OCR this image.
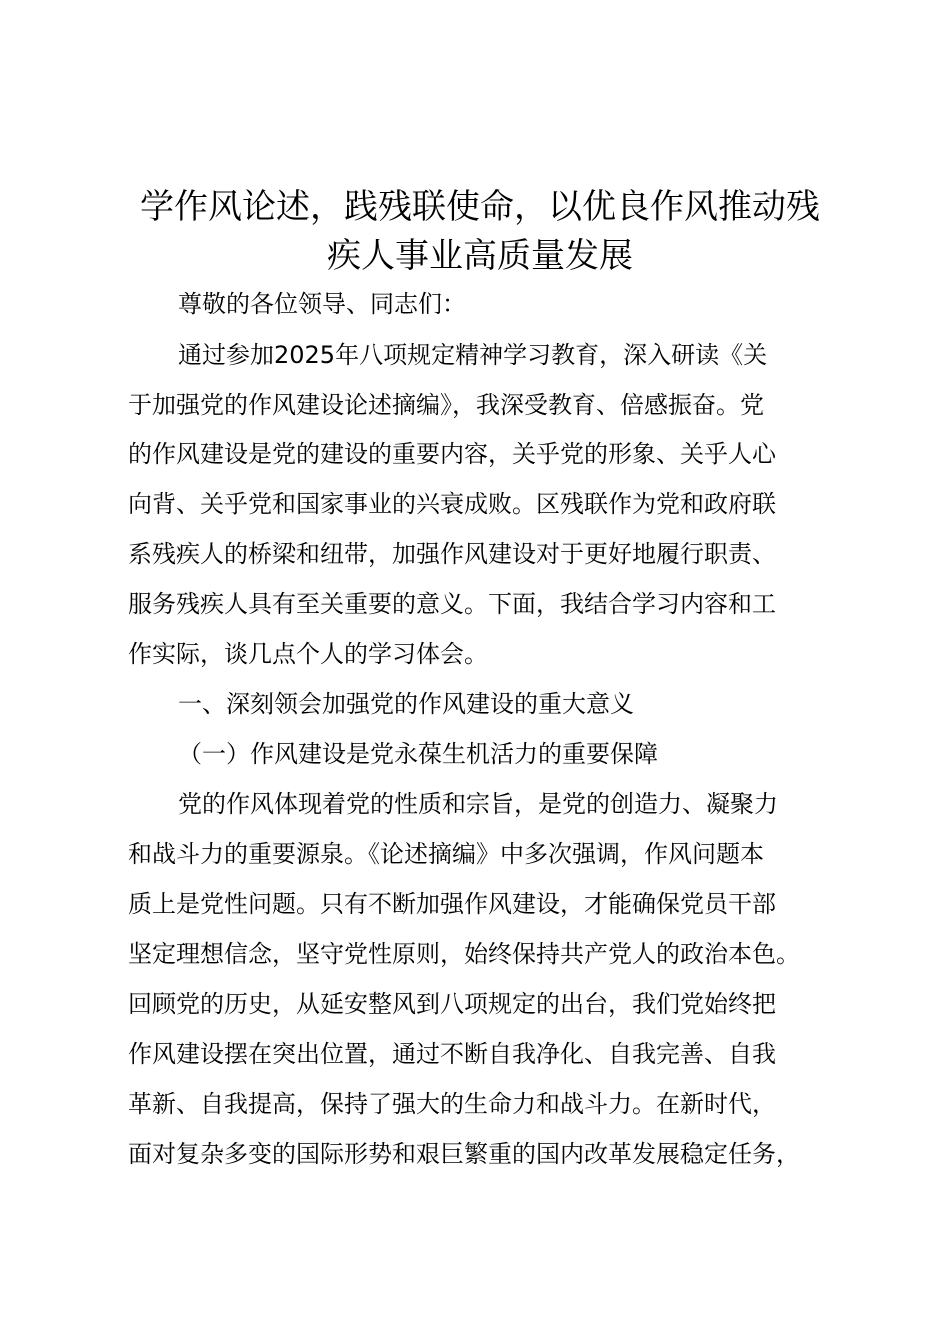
学作风论述，践残联使命，以优良作风推动残
疾人事业高质量发展

尊敬的各位领导、同志们：

通过参加2025年八项规定精神学习教育，深入研读《关

于加强党的作风建设论述摘编》，我深受教育、倍感振奋。党

的作风建设是党的建设的重要内容，关乎党的形象、关乎人心

向背、关乎党和国家事业的兴衰成败。区残联作为党和政府联

系残疾人的桥梁和纽带，加强作风建设对于更好地履行职责、

服务残疾人具有至关重要的意义。下面，我结合学习内容和工

作实际，谈几点个人的学习体会。

一、深刻领会加强党的作风建设的重大意义

（一）作风建设是党永葆生机活力的重要保障

党的作风体现着党的性质和宗旨，是党的创造力、凝聚力

和战斗力的重要源泉。《论述摘编》中多次强调，作风问题本

质上是党性问题。只有不断加强作风建设，才能确保党员干部

坚定理想信念，坚守党性原则，始终保持共产党人的政治本色。

回顾党的历史，从延安整风到八项规定的出台，我们党始终把

作风建设摆在突出位置，通过不断自我净化、自我完善、自我

革新、自我提高，保持了强大的生命力和战斗力。在新时代，

面对复杂多变的国际形势和艰巨繁重的国内改革发展稳定任务，
